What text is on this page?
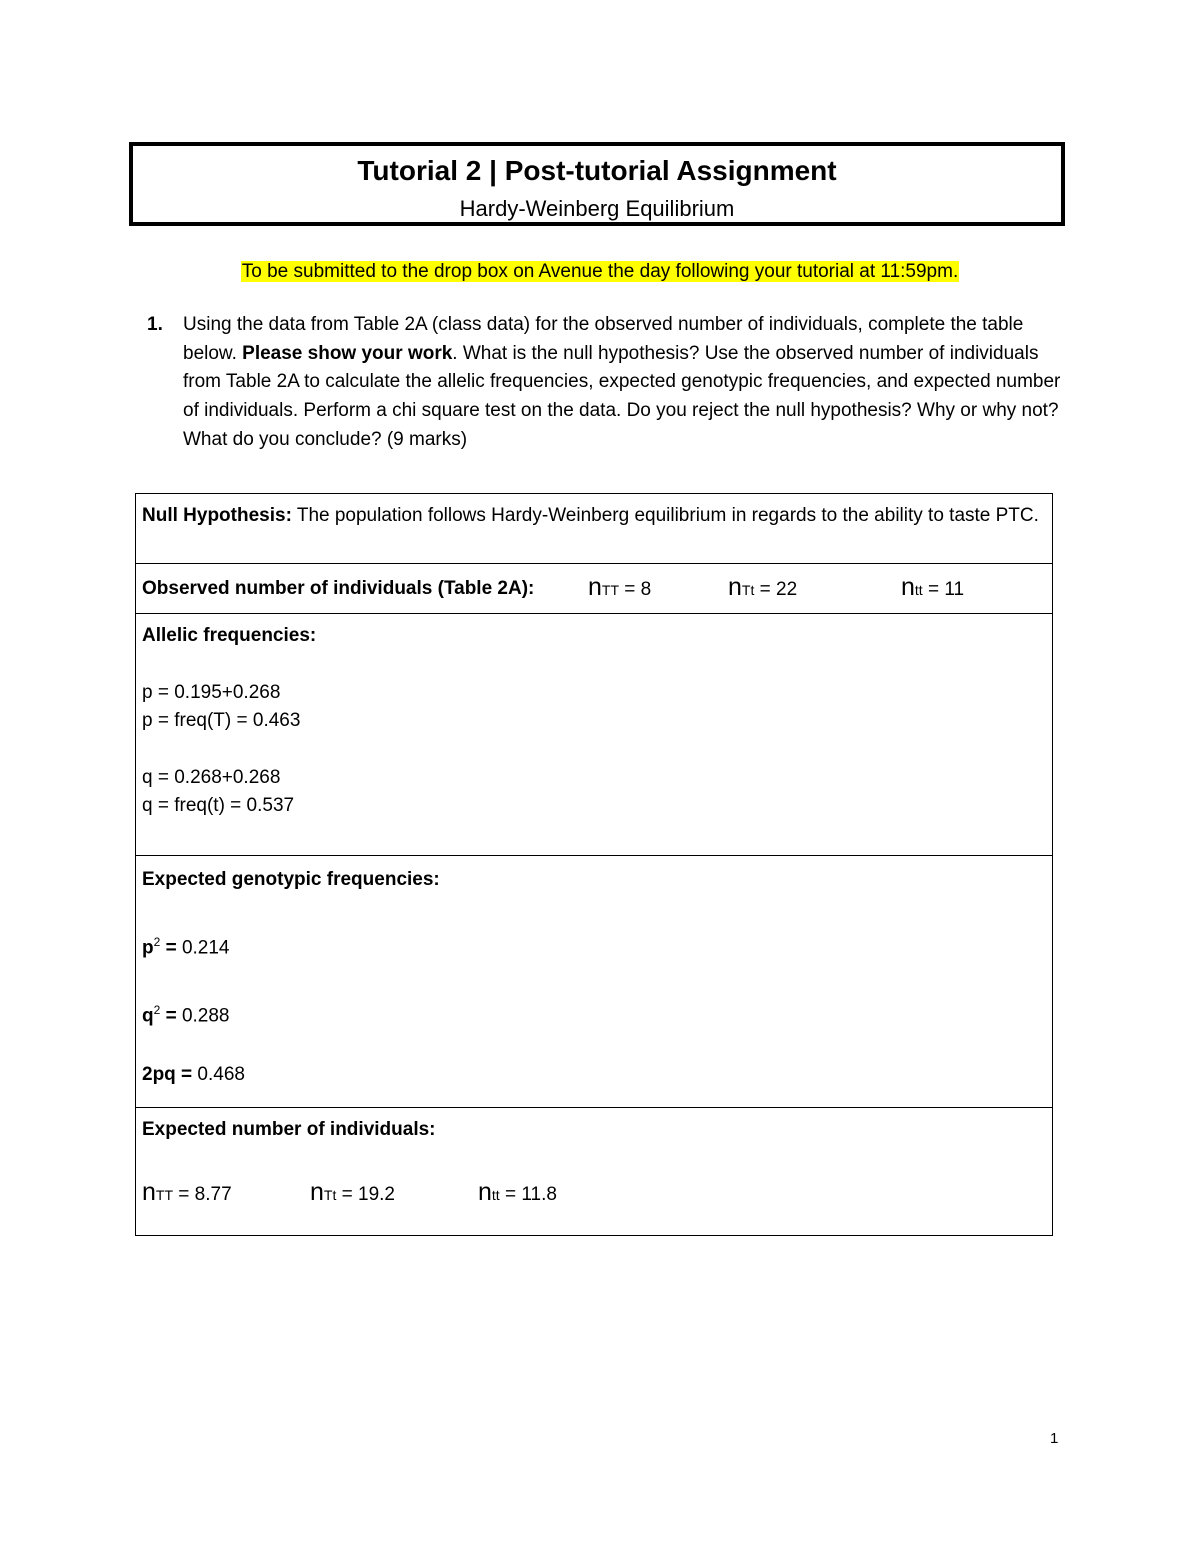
Tutorial 2 | Post-tutorial Assignment
Hardy-Weinberg Equilibrium
To be submitted to the drop box on Avenue the day following your tutorial at 11:59pm.
1. Using the data from Table 2A (class data) for the observed number of individuals, complete the table below. Please show your work. What is the null hypothesis? Use the observed number of individuals from Table 2A to calculate the allelic frequencies, expected genotypic frequencies, and expected number of individuals. Perform a chi square test on the data. Do you reject the null hypothesis? Why or why not? What do you conclude? (9 marks)
Null Hypothesis: The population follows Hardy-Weinberg equilibrium in regards to the ability to taste PTC.
Observed number of individuals (Table 2A): nTT = 8	nTt = 22	ntt = 11
Allelic frequencies:
p = 0.195+0.268
p = freq(T) = 0.463
q = 0.268+0.268
q = freq(t) = 0.537
Expected genotypic frequencies:
$p^2 = 0.214$
$q^2 = 0.288$
2pq = 0.468
Expected number of individuals:
nTT = 8.77	nTt = 19.2	ntt = 11.8
1
